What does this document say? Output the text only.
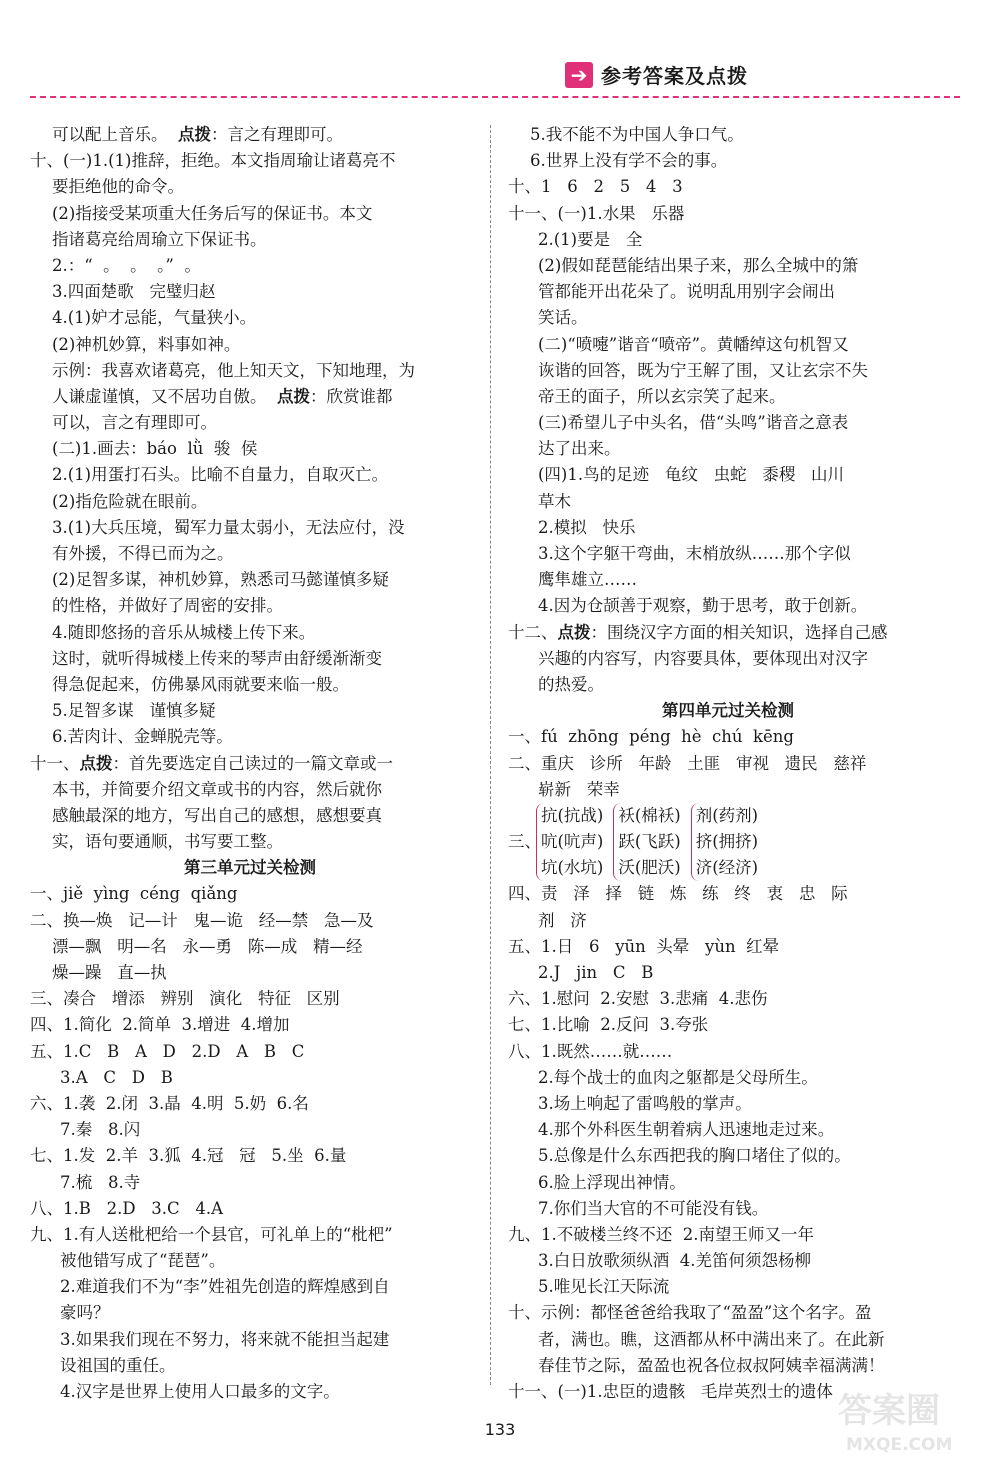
➔ 参考答案及点拨
可以配上音乐。  点拨：言之有理即可。
十、(一)1.(1)推辞，拒绝。本文指周瑜让诸葛亮不
要拒绝他的命令。
(2)指接受某项重大任务后写的保证书。本文
指诸葛亮给周瑜立下保证书。
2.：“  。  。  。”  。
3.四面楚歌   完璧归赵
4.(1)妒才忌能，气量狭小。
(2)神机妙算，料事如神。
示例：我喜欢诸葛亮，他上知天文，下知地理，为
人谦虚谨慎，又不居功自傲。  点拨：欣赏谁都
可以，言之有理即可。
(二)1.画去：báo  lǜ  骏  侯
2.(1)用蛋打石头。比喻不自量力，自取灭亡。
(2)指危险就在眼前。
3.(1)大兵压境，蜀军力量太弱小，无法应付，没
有外援，不得已而为之。
(2)足智多谋，神机妙算，熟悉司马懿谨慎多疑
的性格，并做好了周密的安排。
4.随即悠扬的音乐从城楼上传下来。
这时，就听得城楼上传来的琴声由舒缓渐渐变
得急促起来，仿佛暴风雨就要来临一般。
5.足智多谋   谨慎多疑
6.苦肉计、金蝉脱壳等。
十一、点拨：首先要选定自己读过的一篇文章或一
本书，并简要介绍文章或书的内容，然后就你
感触最深的地方，写出自己的感想，感想要真
实，语句要通顺，书写要工整。
第三单元过关检测
一、jiě  yìng  céng  qiǎng
二、换—焕   记—计   鬼—诡   经—禁   急—及
漂—飘   明—名   永—勇   陈—成   精—经
燥—躁   直—执
三、凑合   增添   辨别   演化   特征   区别
四、1.简化  2.简单  3.增进  4.增加
五、1.C   B   A   D   2.D   A   B   C
3.A   C   D   B
六、1.袭  2.闭  3.晶  4.明  5.奶  6.名
7.秦   8.闪
七、1.发  2.羊  3.狐  4.冠   冠   5.坐  6.量
7.梳   8.寺
八、1.B   2.D   3.C   4.A
九、1.有人送枇杷给一个县官，可礼单上的“枇杷”
被他错写成了“琵琶”。
2.难道我们不为“李”姓祖先创造的辉煌感到自
豪吗？
3.如果我们现在不努力，将来就不能担当起建
设祖国的重任。
4.汉字是世界上使用人口最多的文字。
5.我不能不为中国人争口气。
6.世界上没有学不会的事。
十、1   6   2   5   4   3
十一、(一)1.水果   乐器
2.(1)要是   全
(2)假如琵琶能结出果子来，那么全城中的箫
管都能开出花朵了。说明乱用别字会闹出
笑话。
(二)“喷嚏”谐音“喷帝”。黄幡绰这句机智又
诙谐的回答，既为宁王解了围，又让玄宗不失
帝王的面子，所以玄宗笑了起来。
(三)希望儿子中头名，借“头鸣”谐音之意表
达了出来。
(四)1.鸟的足迹   龟纹   虫蛇   黍稷   山川
草木
2.模拟   快乐
3.这个字躯干弯曲，末梢放纵……那个字似
鹰隼雄立……
4.因为仓颉善于观察，勤于思考，敢于创新。
十二、点拨：围绕汉字方面的相关知识，选择自己感
兴趣的内容写，内容要具体，要体现出对汉字
的热爱。
第四单元过关检测
一、fú  zhōng  péng  hè  chú  kēng
二、重庆   诊所   年龄   土匪   审视   遗民   慈祥
崭新   荣幸
三、
抗(抗战)
吭(吭声)
坑(水坑)
袄(棉袄)
跃(飞跃)
沃(肥沃)
剂(药剂)
挤(拥挤)
济(经济)
四、责   泽   择   链   炼   练   终   衷   忠   际
剂   济
五、1.日   6   yūn  头晕   yùn  红晕
2.J   jin   C   B
六、1.慰问  2.安慰  3.悲痛  4.悲伤
七、1.比喻  2.反问  3.夸张
八、1.既然……就……
2.每个战士的血肉之躯都是父母所生。
3.场上响起了雷鸣般的掌声。
4.那个外科医生朝着病人迅速地走过来。
5.总像是什么东西把我的胸口堵住了似的。
6.脸上浮现出神情。
7.你们当大官的不可能没有钱。
九、1.不破楼兰终不还  2.南望王师又一年
3.白日放歌须纵酒  4.羌笛何须怨杨柳
5.唯见长江天际流
十、示例：都怪爸爸给我取了“盈盈”这个名字。盈
者，满也。瞧，这酒都从杯中满出来了。在此新
春佳节之际，盈盈也祝各位叔叔阿姨幸福满满！
十一、(一)1.忠臣的遗骸   毛岸英烈士的遗体
133	答案圈
MXQE.COM
